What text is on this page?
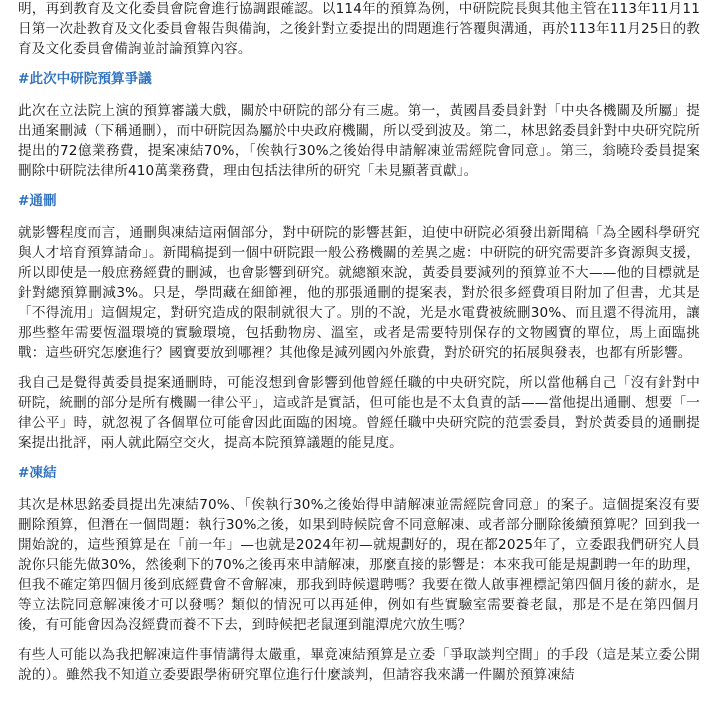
明，再到教育及文化委員會院會進行協調跟確認。以114年的預算為例，中研院院長與其他主管在113年11月11日第一次赴教育及文化委員會報告與備詢，之後針對立委提出的問題進行答覆與溝通，再於113年11月25日的教育及文化委員會備詢並討論預算內容。

#此次中研院預算爭議

此次在立法院上演的預算審議大戲，關於中研院的部分有三處。第一，黃國昌委員針對「中央各機關及所屬」提出通案刪減（下稱通刪），而中研院因為屬於中央政府機關，所以受到波及。第二，林思銘委員針對中央研究院所提出的72億業務費，提案凍結70%，「俟執行30%之後始得申請解凍並需經院會同意」。第三，翁曉玲委員提案刪除中研院法律所410萬業務費，理由包括法律所的研究「未見顯著貢獻」。

#通刪

就影響程度而言，通刪與凍結這兩個部分，對中研院的影響甚鉅，迫使中研院必須發出新聞稿「為全國科學研究與人才培育預算請命」。新聞稿提到一個中研院跟一般公務機關的差異之處：中研院的研究需要許多資源與支援，所以即使是一般庶務經費的刪減，也會影響到研究。就總額來說，黃委員要減列的預算並不大——他的目標就是針對總預算刪減3%。只是，學問藏在細節裡，他的那張通刪的提案表，對於很多經費項目附加了但書，尤其是「不得流用」這個規定，對研究造成的限制就很大了。別的不說，光是水電費被統刪30%、而且還不得流用，讓那些整年需要恆溫環境的實驗環境，包括動物房、溫室，或者是需要特別保存的文物國寶的單位，馬上面臨挑戰：這些研究怎麼進行？國寶要放到哪裡？其他像是減列國內外旅費，對於研究的拓展與發表，也都有所影響。

我自己是覺得黃委員提案通刪時，可能沒想到會影響到他曾經任職的中央研究院，所以當他稱自己「沒有針對中研院，統刪的部分是所有機關一律公平」，這或許是實話，但可能也是不太負責的話——當他提出通刪、想要「一律公平」時，就忽視了各個單位可能會因此面臨的困境。曾經任職中央研究院的范雲委員，對於黃委員的通刪提案提出批評，兩人就此隔空交火，提高本院預算議題的能見度。

#凍結

其次是林思銘委員提出先凍結70%、「俟執行30%之後始得申請解凍並需經院會同意」的案子。這個提案沒有要刪除預算，但潛在一個問題：執行30%之後，如果到時候院會不同意解凍、或者部分刪除後續預算呢？回到我一開始說的，這些預算是在「前一年」—也就是2024年初—就規劃好的，現在都2025年了，立委跟我們研究人員說你只能先做30%，然後剩下的70%之後再來申請解凍，那麼直接的影響是：本來我可能是規劃聘一年的助理，但我不確定第四個月後到底經費會不會解凍，那我到時候還聘嗎？我要在徵人啟事裡標記第四個月後的薪水，是等立法院同意解凍後才可以發嗎？類似的情況可以再延伸，例如有些實驗室需要養老鼠，那是不是在第四個月後，有可能會因為沒經費而養不下去，到時候把老鼠運到龍潭虎穴放生嗎？

有些人可能以為我把解凍這件事情講得太嚴重，畢竟凍結預算是立委「爭取談判空間」的手段（這是某立委公開說的）。雖然我不知道立委要跟學術研究單位進行什麼談判，但請容我來講一件關於預算凍結
